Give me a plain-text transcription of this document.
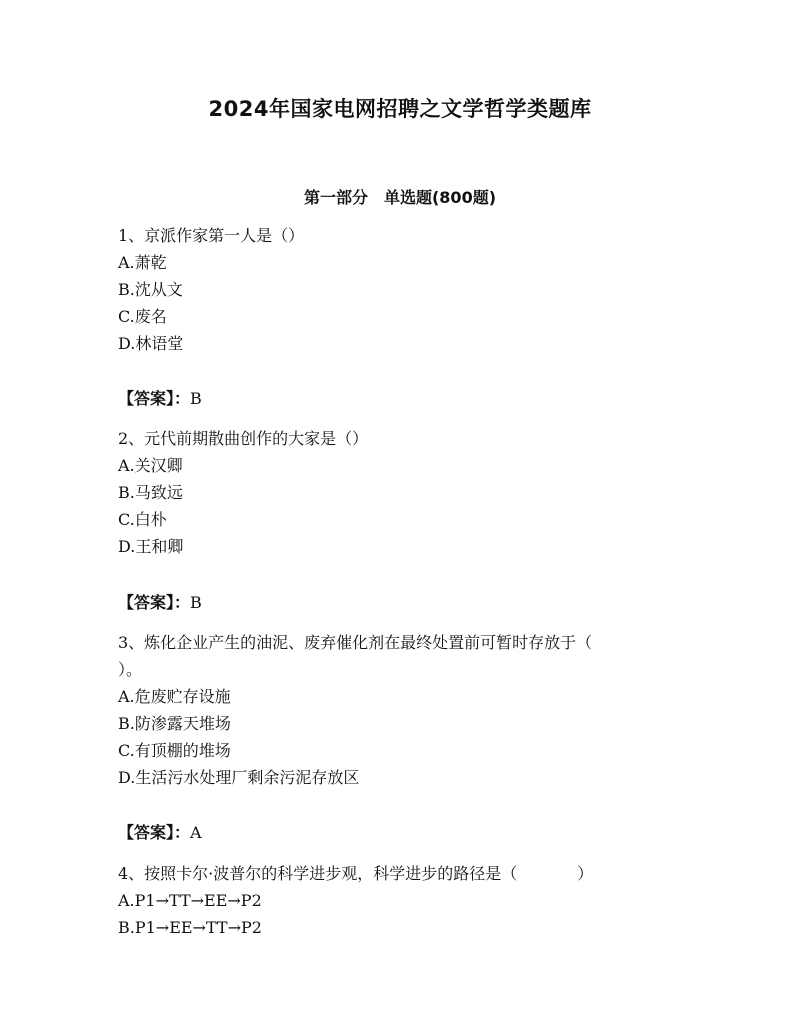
2024年国家电网招聘之文学哲学类题库
第一部分　单选题(800题)
1、京派作家第一人是（）
A.萧乾
B.沈从文
C.废名
D.林语堂
【答案】：B
2、元代前期散曲创作的大家是（）
A.关汉卿
B.马致远
C.白朴
D.王和卿
【答案】：B
3、炼化企业产生的油泥、废弃催化剂在最终处置前可暂时存放于（
）。
A.危废贮存设施
B.防渗露天堆场
C.有顶棚的堆场
D.生活污水处理厂剩余污泥存放区
【答案】：A
4、按照卡尔·波普尔的科学进步观，科学进步的路径是（	）
A.P1→TT→EE→P2
B.P1→EE→TT→P2
